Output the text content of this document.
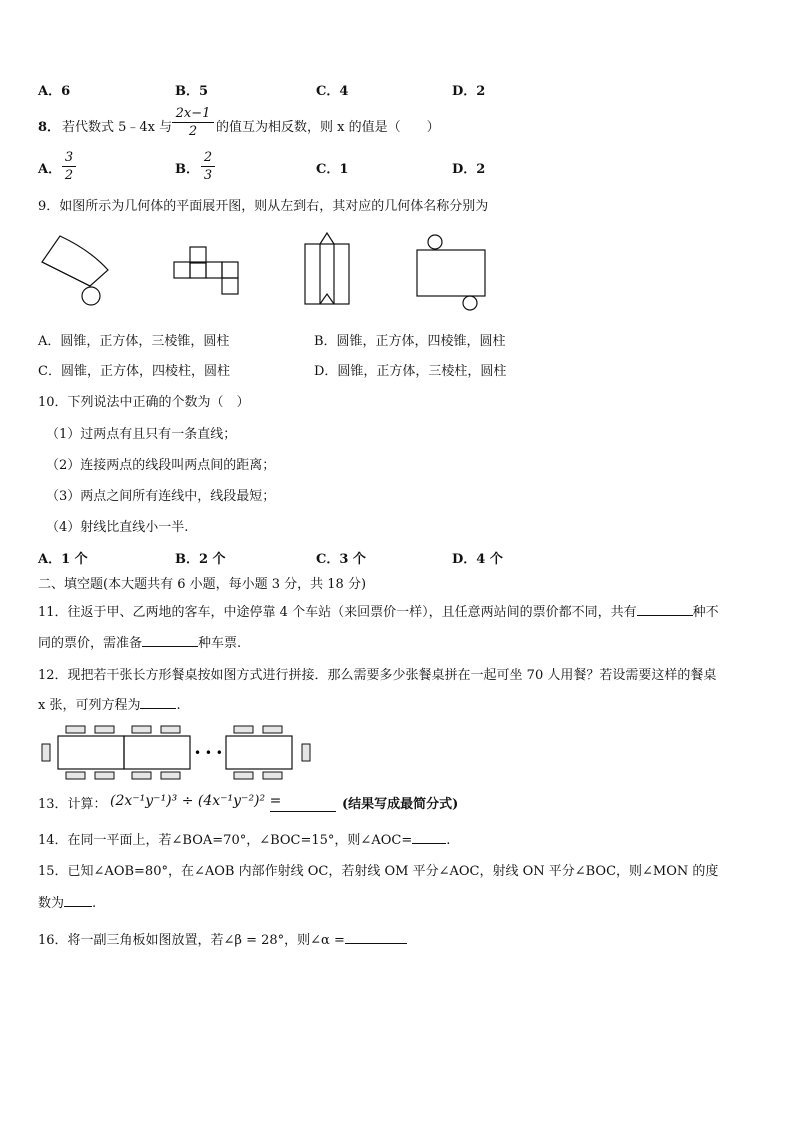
A．6	B．5	C．4	D．2
8． 若代数式 5﹣4x 与
2x−1
2	的值互为相反数，则 x 的值是（　　）
A．
3
2	B．
2
3	C．1	D．2
9．如图所示为几何体的平面展开图，则从左到右，其对应的几何体名称分别为
A．圆锥，正方体，三棱锥，圆柱	B．圆锥，正方体，四棱锥，圆柱
C．圆锥，正方体，四棱柱，圆柱	D．圆锥，正方体，三棱柱，圆柱
10．下列说法中正确的个数为（　）
（1）过两点有且只有一条直线；
（2）连接两点的线段叫两点间的距离；
（3）两点之间所有连线中，线段最短；
（4）射线比直线小一半.
A．1 个	B．2 个	C．3 个	D．4 个
二、填空题(本大题共有 6 小题，每小题 3 分，共 18 分)
11．往返于甲、乙两地的客车，中途停靠 4 个车站（来回票价一样），且任意两站间的票价都不同，共有	种不
同的票价，需准备	种车票.
12．现把若干张长方形餐桌按如图方式进行拼接．那么需要多少张餐桌拼在一起可坐 70 人用餐？若设需要这样的餐桌
x 张，可列方程为	.
• • •
13．计算： (2x⁻¹y⁻¹)³ ÷ (4x⁻¹y⁻²)² =	(结果写成最简分式)
14．在同一平面上，若∠BOA=70°，∠BOC=15°，则∠AOC=	.
15．已知∠AOB=80°，在∠AOB 内部作射线 OC，若射线 OM 平分∠AOC，射线 ON 平分∠BOC，则∠MON 的度
数为 .
16．将一副三角板如图放置，若∠β = 28°，则∠α =
